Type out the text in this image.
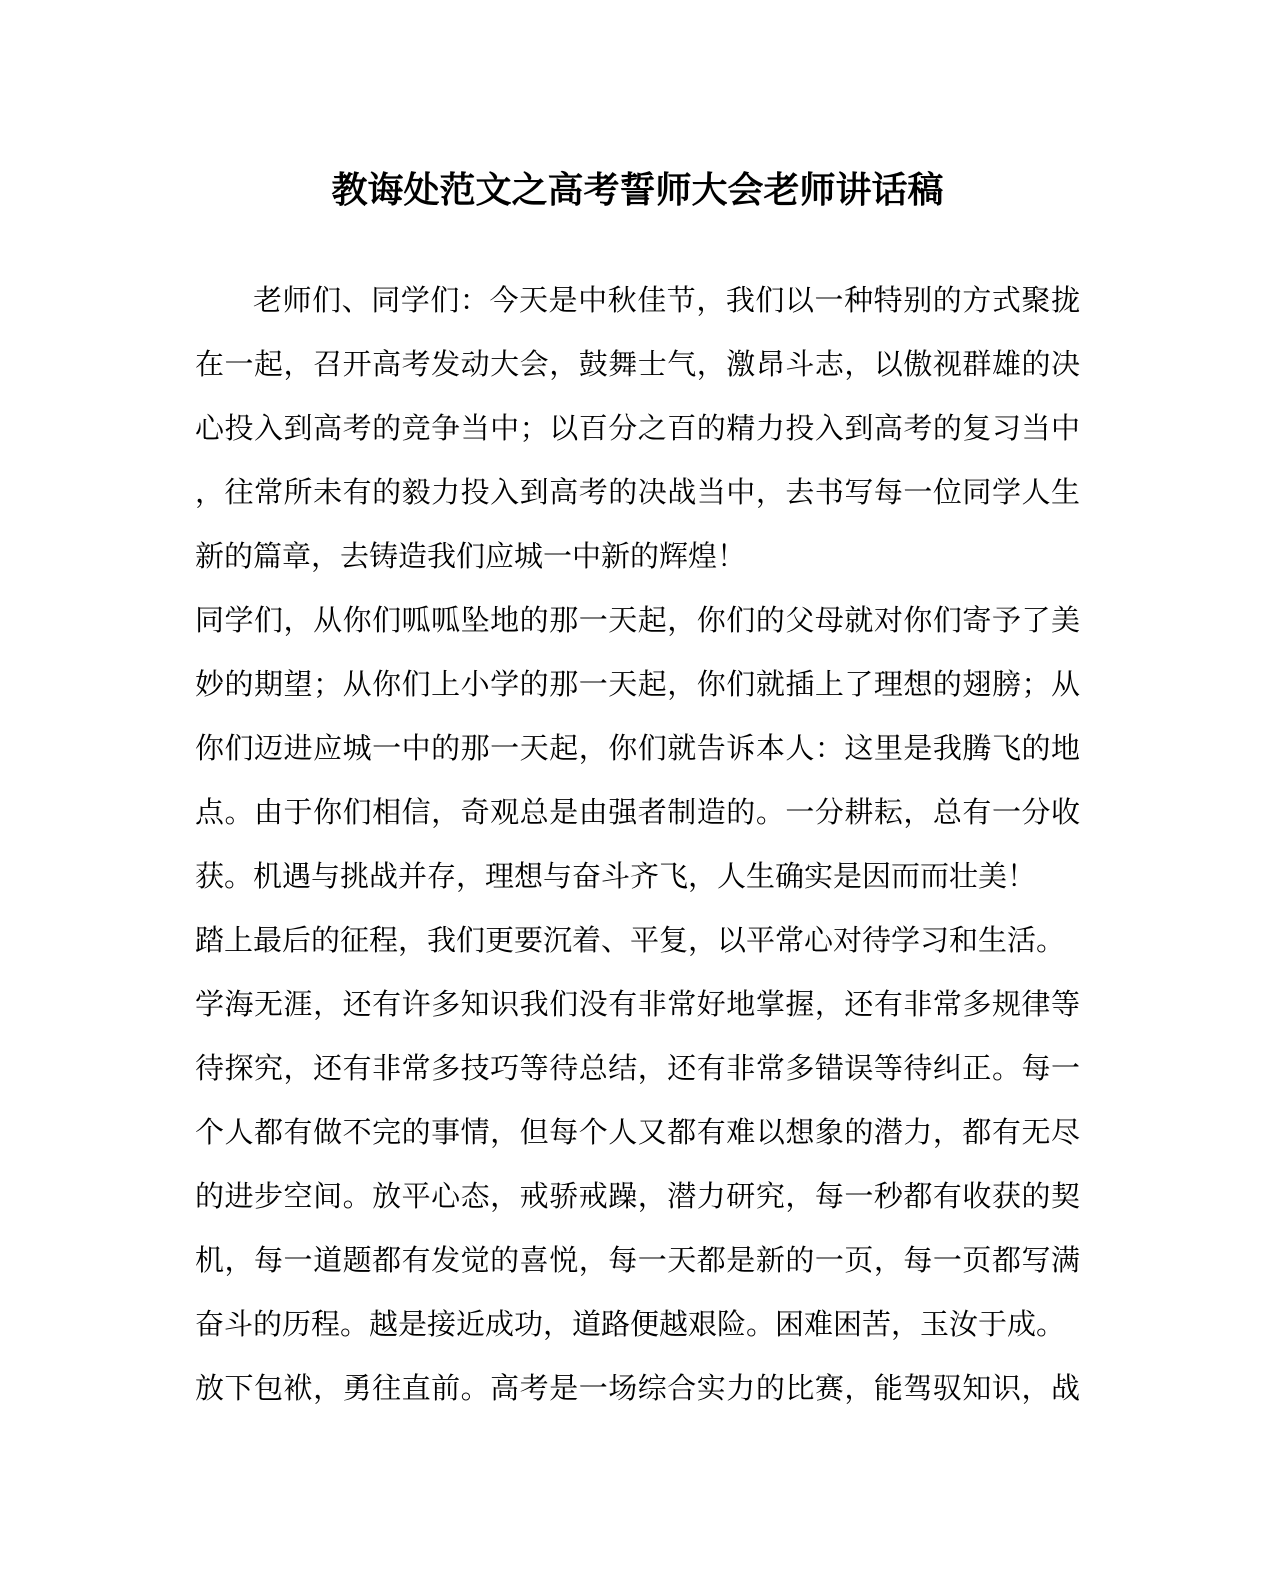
教诲处范文之高考誓师大会老师讲话稿
老师们、同学们：今天是中秋佳节，我们以一种特别的方式聚拢
在一起，召开高考发动大会，鼓舞士气，激昂斗志，以傲视群雄的决
心投入到高考的竞争当中；以百分之百的精力投入到高考的复习当中
，往常所未有的毅力投入到高考的决战当中，去书写每一位同学人生
新的篇章，去铸造我们应城一中新的辉煌！
同学们，从你们呱呱坠地的那一天起，你们的父母就对你们寄予了美
妙的期望；从你们上小学的那一天起，你们就插上了理想的翅膀；从
你们迈进应城一中的那一天起，你们就告诉本人：这里是我腾飞的地
点。由于你们相信，奇观总是由强者制造的。一分耕耘，总有一分收
获。机遇与挑战并存，理想与奋斗齐飞，人生确实是因而而壮美！
踏上最后的征程，我们更要沉着、平复，以平常心对待学习和生活。
学海无涯，还有许多知识我们没有非常好地掌握，还有非常多规律等
待探究，还有非常多技巧等待总结，还有非常多错误等待纠正。每一
个人都有做不完的事情，但每个人又都有难以想象的潜力，都有无尽
的进步空间。放平心态，戒骄戒躁，潜力研究，每一秒都有收获的契
机，每一道题都有发觉的喜悦，每一天都是新的一页，每一页都写满
奋斗的历程。越是接近成功，道路便越艰险。困难困苦，玉汝于成。
放下包袱，勇往直前。高考是一场综合实力的比赛，能驾驭知识，战
